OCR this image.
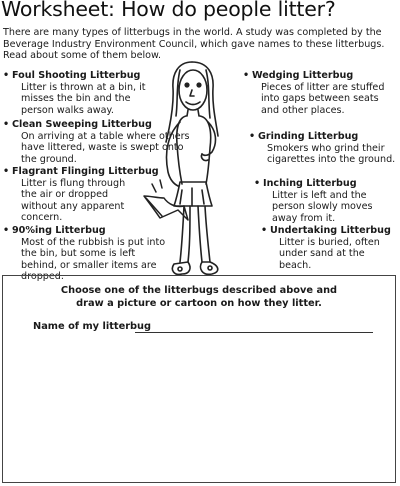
Worksheet: How do people litter?

There are many types of litterbugs in the world. A study was completed by the Beverage Industry Environment Council, which gave names to these litterbugs. Read about some of them below.

• Foul Shooting Litterbug

Litter is thrown at a bin, it misses the bin and the person walks away.

• Clean Sweeping Litterbug

On arriving at a table where others have littered, waste is swept onto the ground.

• Flagrant Flinging Litterbug

Litter is flung through the air or dropped without any apparent concern.

• 90%ing Litterbug

Most of the rubbish is put into the bin, but some is left behind, or smaller items are dropped.

• Wedging Litterbug

Pieces of litter are stuffed into gaps between seats and other places.

• Grinding Litterbug

Smokers who grind their cigarettes into the ground.

• Inching Litterbug

Litter is left and the person slowly moves away from it.

• Undertaking Litterbug

Litter is buried, often under sand at the beach.

Choose one of the litterbugs described above and
draw a picture or cartoon on how they litter.
Name of my litterbug
